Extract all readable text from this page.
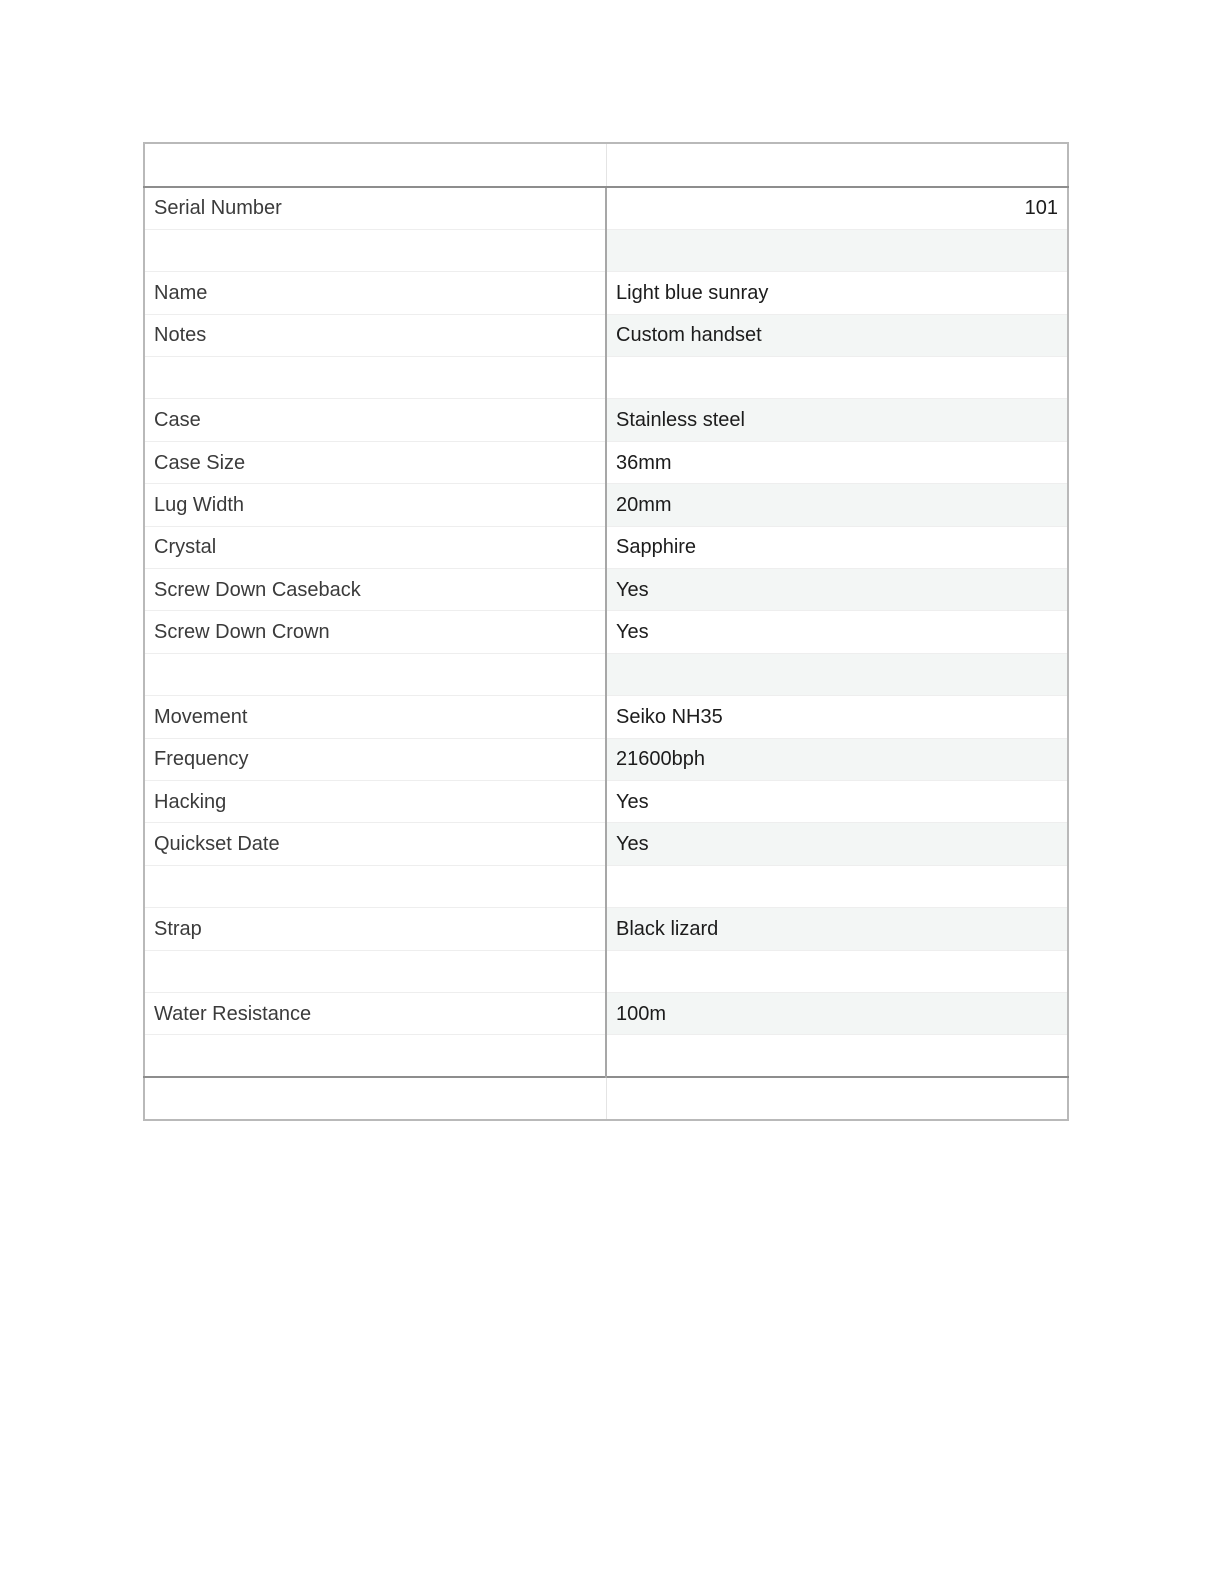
Serial Number	101

Name	Light blue sunray
Notes	Custom handset

Case	Stainless steel
Case Size	36mm
Lug Width	20mm
Crystal	Sapphire
Screw Down Caseback	Yes
Screw Down Crown	Yes

Movement	Seiko NH35
Frequency	21600bph
Hacking	Yes
Quickset Date	Yes

Strap	Black lizard

Water Resistance	100m
